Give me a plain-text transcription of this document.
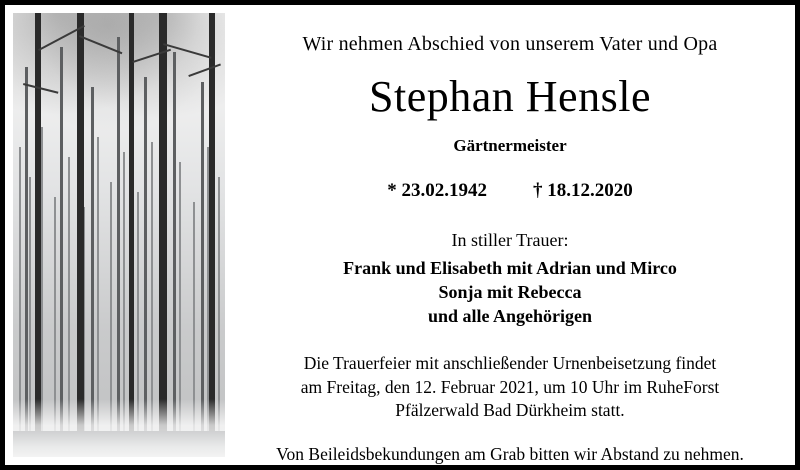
Wir nehmen Abschied von unserem Vater und Opa
Stephan Hensle
Gärtnermeister
* 23.02.1942 † 18.12.2020
In stiller Trauer:
Frank und Elisabeth mit Adrian und Mirco
Sonja mit Rebecca
und alle Angehörigen
Die Trauerfeier mit anschließender Urnenbeisetzung findet
am Freitag, den 12. Februar 2021, um 10 Uhr im RuheForst
Pfälzerwald Bad Dürkheim statt.
Von Beileidsbekundungen am Grab bitten wir Abstand zu nehmen.
